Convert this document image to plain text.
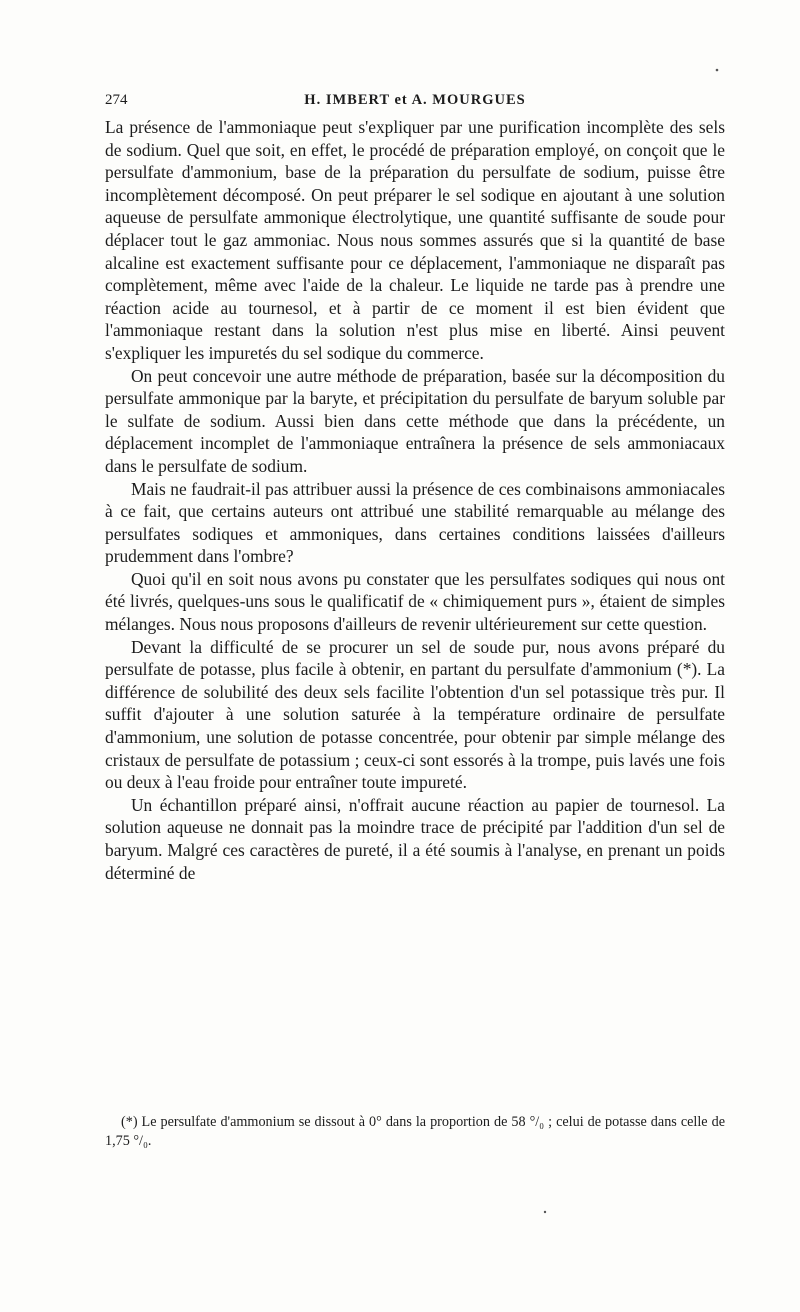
274	H. IMBERT et A. MOURGUES

La présence de l'ammoniaque peut s'expliquer par une purification incomplète des sels de sodium. Quel que soit, en effet, le procédé de préparation employé, on conçoit que le persulfate d'ammonium, base de la préparation du persulfate de sodium, puisse être incomplètement décomposé. On peut préparer le sel sodique en ajoutant à une solution aqueuse de persulfate ammonique électrolytique, une quantité suffisante de soude pour déplacer tout le gaz ammoniac. Nous nous sommes assurés que si la quantité de base alcaline est exactement suffisante pour ce déplacement, l'ammoniaque ne disparaît pas complètement, même avec l'aide de la chaleur. Le liquide ne tarde pas à prendre une réaction acide au tournesol, et à partir de ce moment il est bien évident que l'ammoniaque restant dans la solution n'est plus mise en liberté. Ainsi peuvent s'expliquer les impuretés du sel sodique du commerce.

On peut concevoir une autre méthode de préparation, basée sur la décomposition du persulfate ammonique par la baryte, et précipitation du persulfate de baryum soluble par le sulfate de sodium. Aussi bien dans cette méthode que dans la précédente, un déplacement incomplet de l'ammoniaque entraînera la présence de sels ammoniacaux dans le persulfate de sodium.

Mais ne faudrait-il pas attribuer aussi la présence de ces combinaisons ammoniacales à ce fait, que certains auteurs ont attribué une stabilité remarquable au mélange des persulfates sodiques et ammoniques, dans certaines conditions laissées d'ailleurs prudemment dans l'ombre?

Quoi qu'il en soit nous avons pu constater que les persulfates sodiques qui nous ont été livrés, quelques-uns sous le qualificatif de « chimiquement purs », étaient de simples mélanges. Nous nous proposons d'ailleurs de revenir ultérieurement sur cette question.

Devant la difficulté de se procurer un sel de soude pur, nous avons préparé du persulfate de potasse, plus facile à obtenir, en partant du persulfate d'ammonium (*). La différence de solubilité des deux sels facilite l'obtention d'un sel potassique très pur. Il suffit d'ajouter à une solution saturée à la température ordinaire de persulfate d'ammonium, une solution de potasse concentrée, pour obtenir par simple mélange des cristaux de persulfate de potassium ; ceux-ci sont essorés à la trompe, puis lavés une fois ou deux à l'eau froide pour entraîner toute impureté.

Un échantillon préparé ainsi, n'offrait aucune réaction au papier de tournesol. La solution aqueuse ne donnait pas la moindre trace de précipité par l'addition d'un sel de baryum. Malgré ces caractères de pureté, il a été soumis à l'analyse, en prenant un poids déterminé de

(*) Le persulfate d'ammonium se dissout à 0° dans la proportion de 58 °/₀ ; celui de potasse dans celle de 1,75 °/₀.
